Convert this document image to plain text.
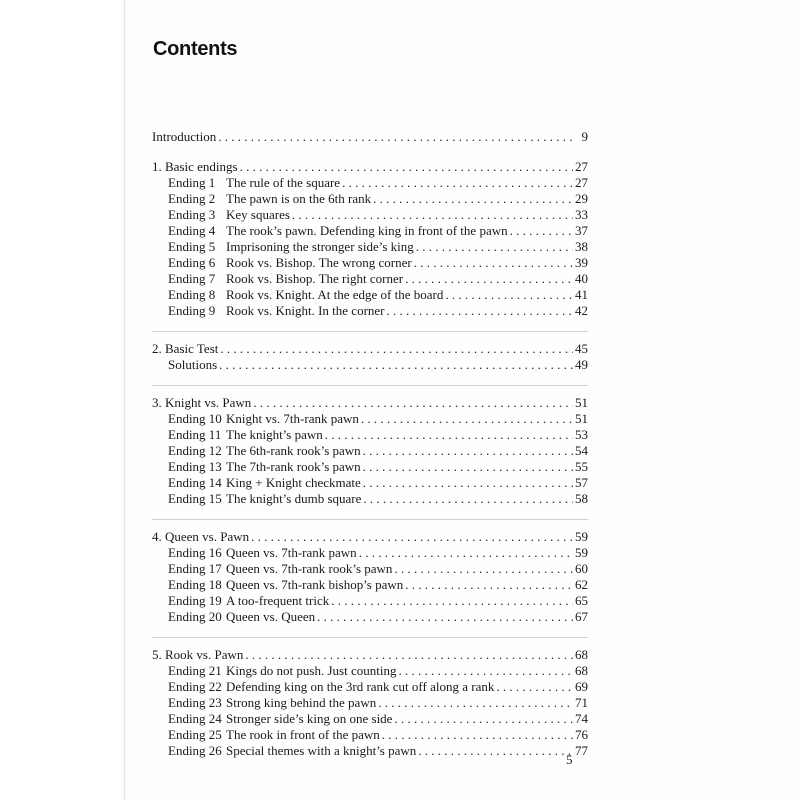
Contents
Introduction . . .	9
1. Basic endings . . .	27
Ending 1 The rule of the square . . .	27
Ending 2 The pawn is on the 6th rank . . .	29
Ending 3 Key squares . . .	33
Ending 4 The rook’s pawn. Defending king in front of the pawn . . .	37
Ending 5 Imprisoning the stronger side’s king . . .	38
Ending 6 Rook vs. Bishop. The wrong corner . . .	39
Ending 7 Rook vs. Bishop. The right corner . . .	40
Ending 8 Rook vs. Knight. At the edge of the board . . .	41
Ending 9 Rook vs. Knight. In the corner . . .	42
2. Basic Test . . .	45
Solutions . . .	49
3. Knight vs. Pawn . . .	51
Ending 10 Knight vs. 7th-rank pawn . . .	51
Ending 11 The knight’s pawn . . .	53
Ending 12 The 6th-rank rook’s pawn . . .	54
Ending 13 The 7th-rank rook’s pawn . . .	55
Ending 14 King + Knight checkmate . . .	57
Ending 15 The knight’s dumb square . . .	58
4. Queen vs. Pawn . . .	59
Ending 16 Queen vs. 7th-rank pawn . . .	59
Ending 17 Queen vs. 7th-rank rook’s pawn . . .	60
Ending 18 Queen vs. 7th-rank bishop’s pawn . . .	62
Ending 19 A too-frequent trick . . .	65
Ending 20 Queen vs. Queen . . .	67
5. Rook vs. Pawn . . .	68
Ending 21 Kings do not push. Just counting . . .	68
Ending 22 Defending king on the 3rd rank cut off along a rank . . .	69
Ending 23 Strong king behind the pawn . . .	71
Ending 24 Stronger side’s king on one side . . .	74
Ending 25 The rook in front of the pawn . . .	76
Ending 26 Special themes with a knight’s pawn . . .	77
5
